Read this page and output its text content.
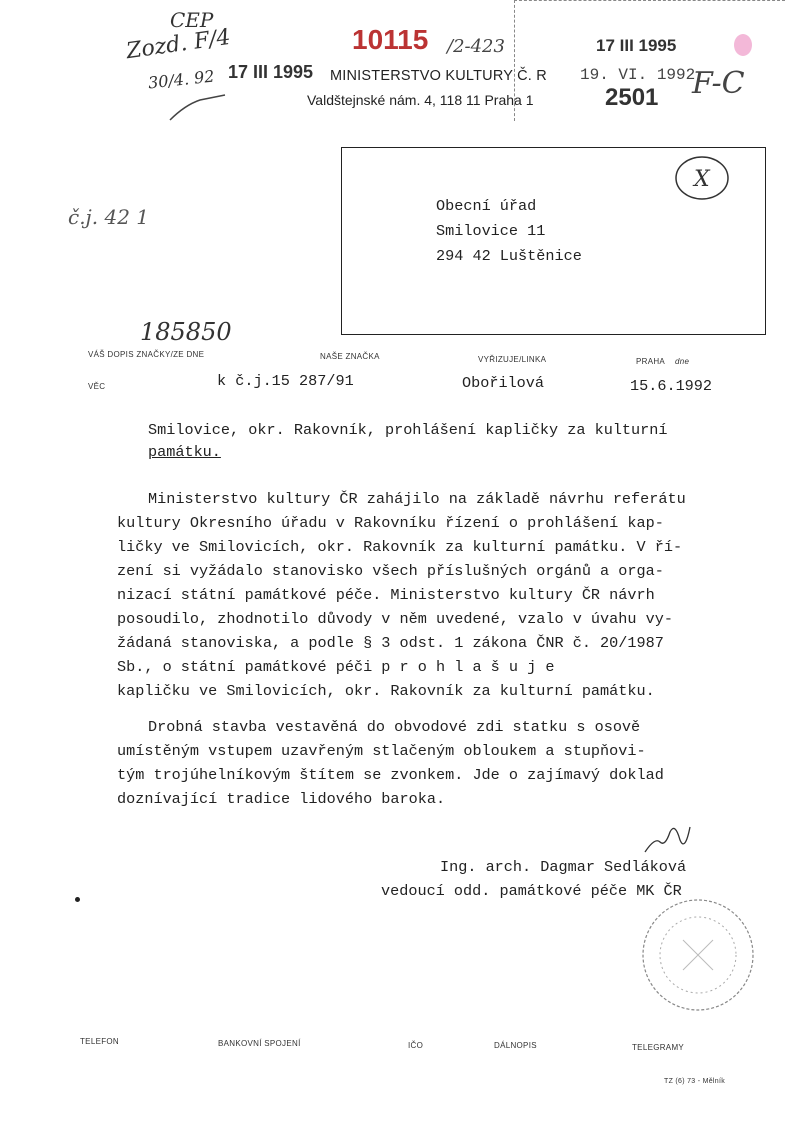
CEP
Zozd. F/4
30/4. 92 17 III 1995
10115 /2-423
MINISTERSTVO KULTURY Č. R
Valdštejnské nám. 4, 118 11 Praha 1
17 III 1995
19. VI. 1992
2501 F-C
Obecní úřad
Smilovice 11
294 42 Luštěnice
X
č.j. 42 1
185850
VÁŠ DOPIS ZNAČKY/ZE DNE	NAŠE ZNAČKA	VYŘIZUJE/LINKA	PRAHA dne
VĚC	k č.j.15 287/91	Obořilová	15.6.1992
Smilovice, okr. Rakovník, prohlášení kapličky za kulturní
památku.
Ministerstvo kultury ČR zahájilo na základě návrhu referátu
kultury Okresního úřadu v Rakovníku řízení o prohlášení kap-
ličky ve Smilovicích, okr. Rakovník za kulturní památku. V ří-
zení si vyžádalo stanovisko všech příslušných orgánů a orga-
nizací státní památkové péče. Ministerstvo kultury ČR návrh
posoudilo, zhodnotilo důvody v něm uvedené, vzalo v úvahu vy-
žádaná stanoviska, a podle § 3 odst. 1 zákona ČNR č. 20/1987
Sb., o státní památkové péči p r o h l a š u j e
kapličku ve Smilovicích, okr. Rakovník za kulturní památku.
Drobná stavba vestavěná do obvodové zdi statku s osově
umístěným vstupem uzavřeným stlačeným obloukem a stupňovi-
tým trojúhelníkovým štítem se zvonkem. Jde o zajímavý doklad
doznívající tradice lidového baroka.
Ing. arch. Dagmar Sedláková
vedoucí odd. památkové péče MK ČR
TELEFON	BANKOVNÍ SPOJENÍ	IČO	DÁLNOPIS	TELEGRAMY
TZ (6) 73 - Mělník
